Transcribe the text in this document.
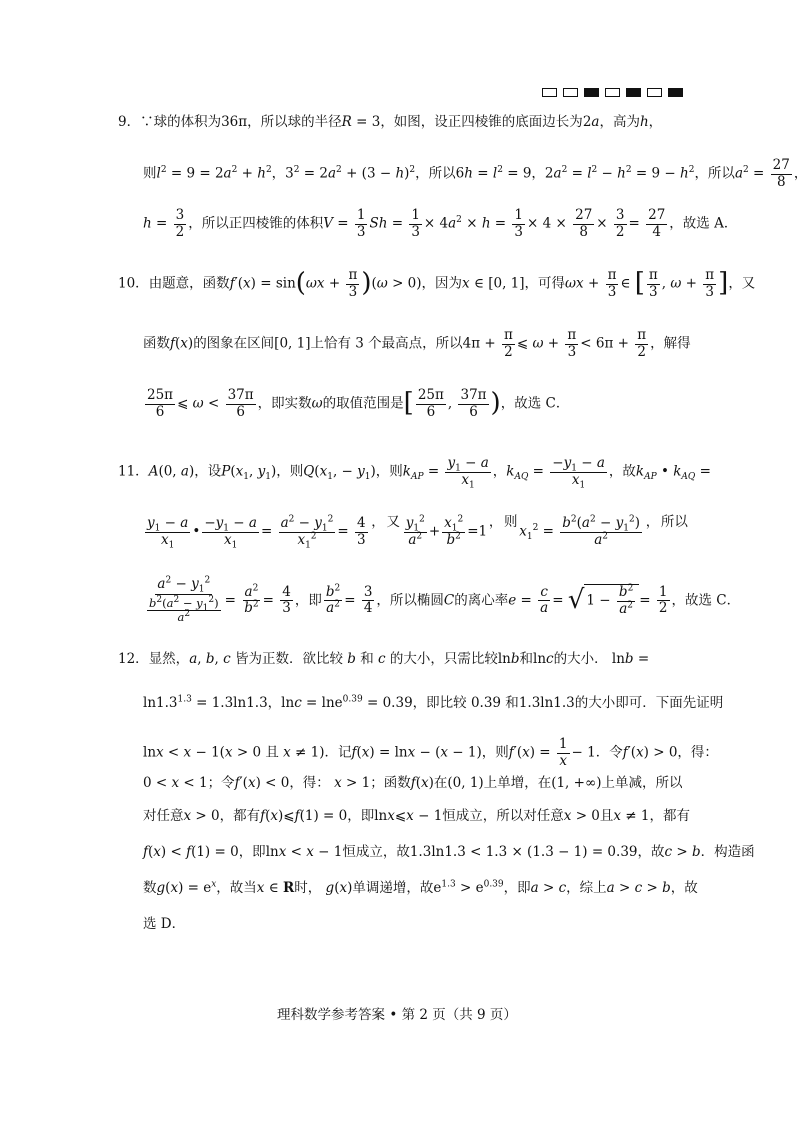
9．∵球的体积为36π，所以球的半径R = 3，如图，设正四棱锥的底面边长为2a，高为h，
则$l^2 = 9 = 2a^2 + h^2$，$3^2 = 2a^2 + (3 - h)^2$，所以$6h = l^2 = 9$，$2a^2 = l^2 - h^2 = 9 - h^2$，所以$a^2 = \frac{27}{8}$ ，
$h = \frac{3}{2}$ ，所以正四棱锥的体积$V = \frac{1}{3}$ $Sh = \frac{1}{3} \times 4a^2 \times h = \frac{1}{3} \times 4 \times \frac{27}{8} \times \frac{3}{2} = \frac{27}{4}$ ，故选 A．
10．由题意，函数$f'(x) = \sin(\omega x + \frac{\pi}{3} )(\omega > 0)$，因为x ∈ [0, 1]，可得$\omega x + \frac{\pi}{3}$ ∈ [ $\frac{\pi}{3}$ , $\omega + \frac{\pi}{3}$ ]，又
函数f(x)的图象在区间[0, 1]上恰有 3 个最高点，所以$4\pi + \frac{\pi}{2}$ ⩽ $\omega + \frac{\pi}{3} < 6\pi + \frac{\pi}{2}$ ，解得
$\frac{25\pi}{6}$ ⩽ $\omega < \frac{37\pi}{6}$ ，即实数ω的取值范围是[ $\frac{25\pi}{6}$ , $\frac{37\pi}{6}$ )，故选 C．
11．A(0, a)，设$P(x_1$, $y_1$)，则$Q(x_1$, − $y_1$)，则$k_{AP} = \frac{y_1 - a}{x_1}$ ，$k_{AQ} = \frac{-y_1 - a}{x_1}$ ，故$k_{AP}$ • $k_{AQ}$ =
$\frac{y_1 - a}{x_1}$ • $\frac{-y_1 - a}{x_1} = \frac{a^2 - y_1^2}{x_1^2} = \frac{4}{3}$ ， 又 $\frac{y_1^2}{a^2} + \frac{x_1^2}{b^2} =1$
， 则
$x_1^2 = \frac{b^2(a^2 - y_1^2)}{a^2}$ ， 所以
$\frac{a^2 - y_1^2}{\frac{b^2(a^2 - y_1^2)}{a^2}} = \frac{a^2}{b^2} = \frac{4}{3}$ ，即 $\frac{b^2}{a^2} = \frac{3}{4}$ ，所以椭圆C的离心率$e = \frac{c}{a}$ = √ $1 - \frac{b^2}{a^2} = \frac{1}{2}$ ，故选 C．
12．显然，a, b, c 皆为正数．欲比较 b 和 c 的大小，只需比较lnb和lnc的大小． lnb =
$\ln 1.3^{1.3} = 1.3\ln 1.3$，lnc = lne$^{0.39}$ = 0.39，即比较 0.39 和1.3ln1.3的大小即可．下面先证明
lnx < x − 1(x > 0 且 x ≠ 1)．记f(x) = lnx − (x − 1)，则$f'(x) = \frac{1}{x} - 1$．令f′(x) > 0，得：
0 < x < 1；令f′(x) < 0，得： x > 1；函数f(x)在(0, 1)上单增，在(1, +∞)上单减，所以
对任意x > 0，都有f(x)⩽f(1) = 0，即lnx⩽x − 1恒成立，所以对任意x > 0且x ≠ 1，都有
f(x) < f(1) = 0，即lnx < x − 1恒成立，故1.3ln1.3 < 1.3 × (1.3 − 1) = 0.39，故c > b．构造函
数$g(x) = e^x$，故当x ∈ R时， g(x)单调递增，故$e^{1.3} > e^{0.39}$，即a > c，综上a > c > b，故
选 D．
理科数学参考答案 • 第 2 页（共 9 页）
